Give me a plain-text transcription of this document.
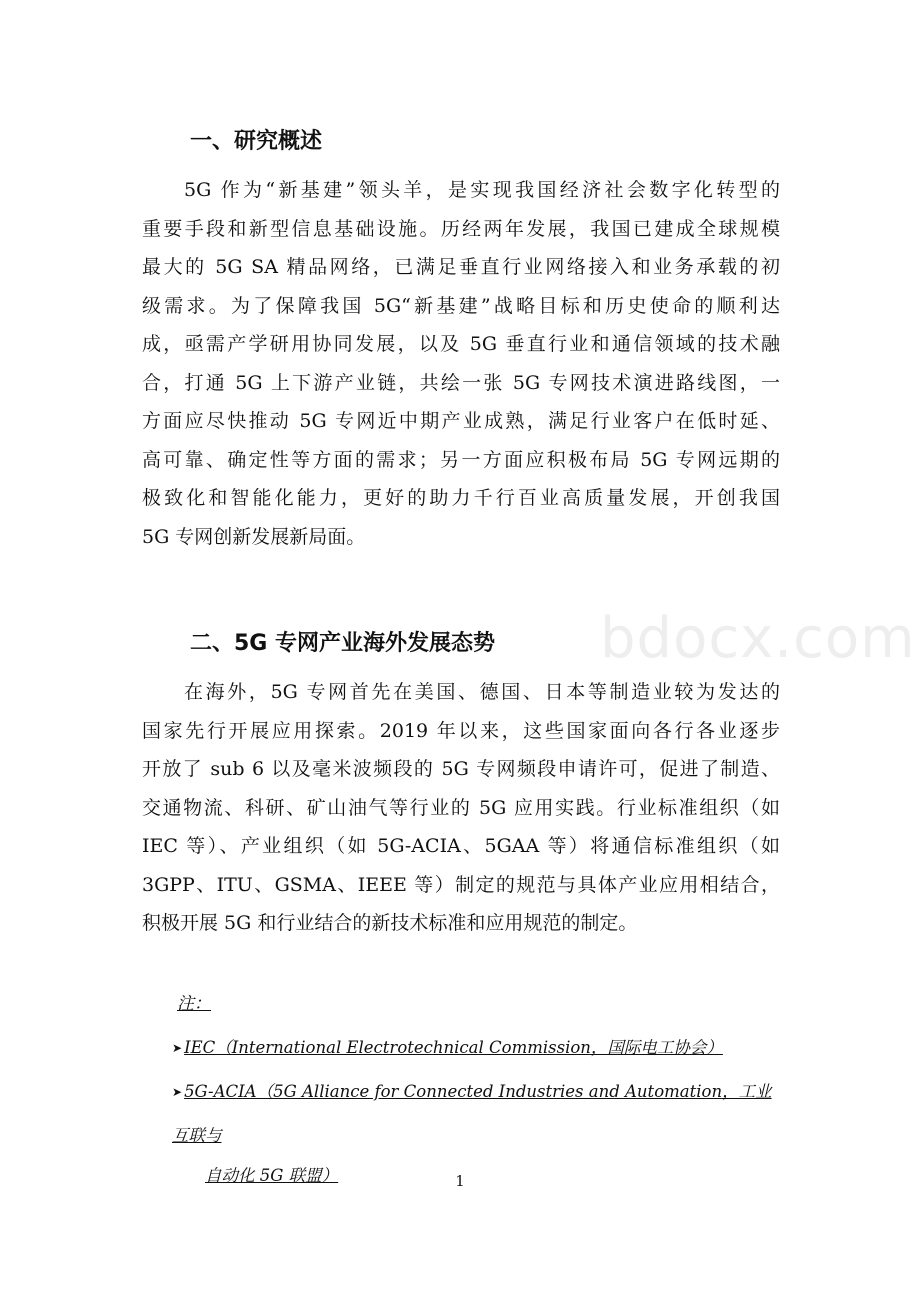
bdocx.com
一、研究概述
5G 作为“新基建”领头羊，是实现我国经济社会数字化转型的
重要手段和新型信息基础设施。历经两年发展，我国已建成全球规模
最大的 5G SA 精品网络，已满足垂直行业网络接入和业务承载的初
级需求。为了保障我国 5G“新基建”战略目标和历史使命的顺利达
成，亟需产学研用协同发展，以及 5G 垂直行业和通信领域的技术融
合，打通 5G 上下游产业链，共绘一张 5G 专网技术演进路线图，一
方面应尽快推动 5G 专网近中期产业成熟，满足行业客户在低时延、
高可靠、确定性等方面的需求；另一方面应积极布局 5G 专网远期的
极致化和智能化能力，更好的助力千行百业高质量发展，开创我国
5G 专网创新发展新局面。
二、5G 专网产业海外发展态势
在海外，5G 专网首先在美国、德国、日本等制造业较为发达的
国家先行开展应用探索。2019 年以来，这些国家面向各行各业逐步
开放了 sub 6 以及毫米波频段的 5G 专网频段申请许可，促进了制造、
交通物流、科研、矿山油气等行业的 5G 应用实践。行业标准组织（如
IEC 等）、产业组织（如 5G-ACIA、5GAA 等）将通信标准组织（如
3GPP、ITU、GSMA、IEEE 等）制定的规范与具体产业应用相结合，
积极开展 5G 和行业结合的新技术标准和应用规范的制定。

注：

➤ IEC（International Electrotechnical Commission，国际电工协会）

➤ 5G-ACIA（5G Alliance for Connected Industries and Automation，工业互联与
自动化 5G 联盟）	1
